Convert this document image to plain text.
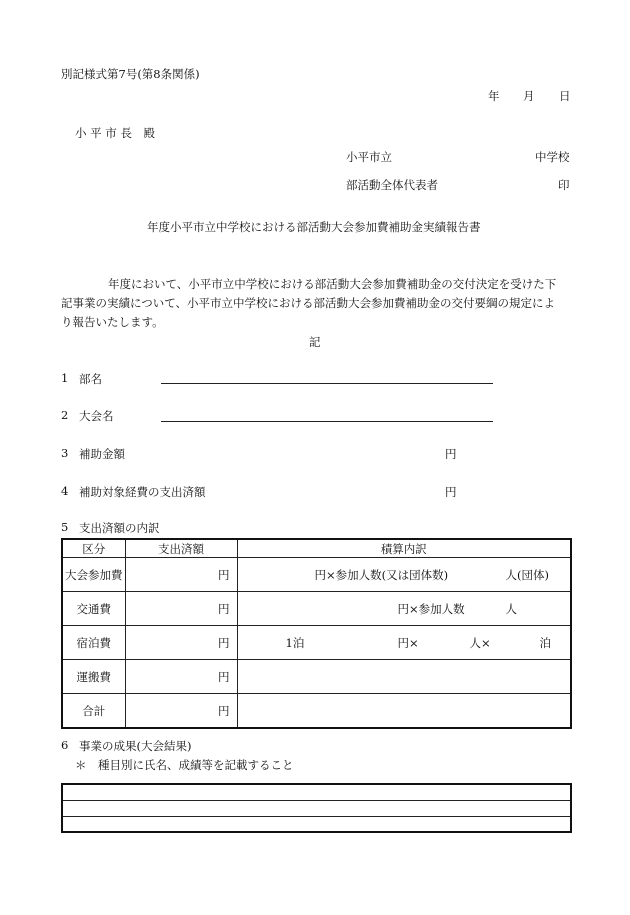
別記様式第7号(第8条関係)
年 月 日
小 平 市 長　殿
小平市立	中学校
部活動全体代表者	印
年度小平市立中学校における部活動大会参加費補助金実績報告書
年度において、小平市立中学校における部活動大会参加費補助金の交付決定を受けた下
記事業の実績について、小平市立中学校における部活動大会参加費補助金の交付要綱の規定によ
り報告いたします。
記
1 部名
2 大会名
3 補助金額	円
4 補助対象経費の支出済額	円
5 支出済額の内訳
区分	支出済額	積算内訳
大会参加費	円	円×参加人数(又は団体数) 人(団体)

交通費	円	円×参加人数 人

宿泊費	円	1泊 円× 人× 泊

運搬費	円	
合計	円	
6 事業の成果(大会結果)
＊　種目別に氏名、成績等を記載すること
